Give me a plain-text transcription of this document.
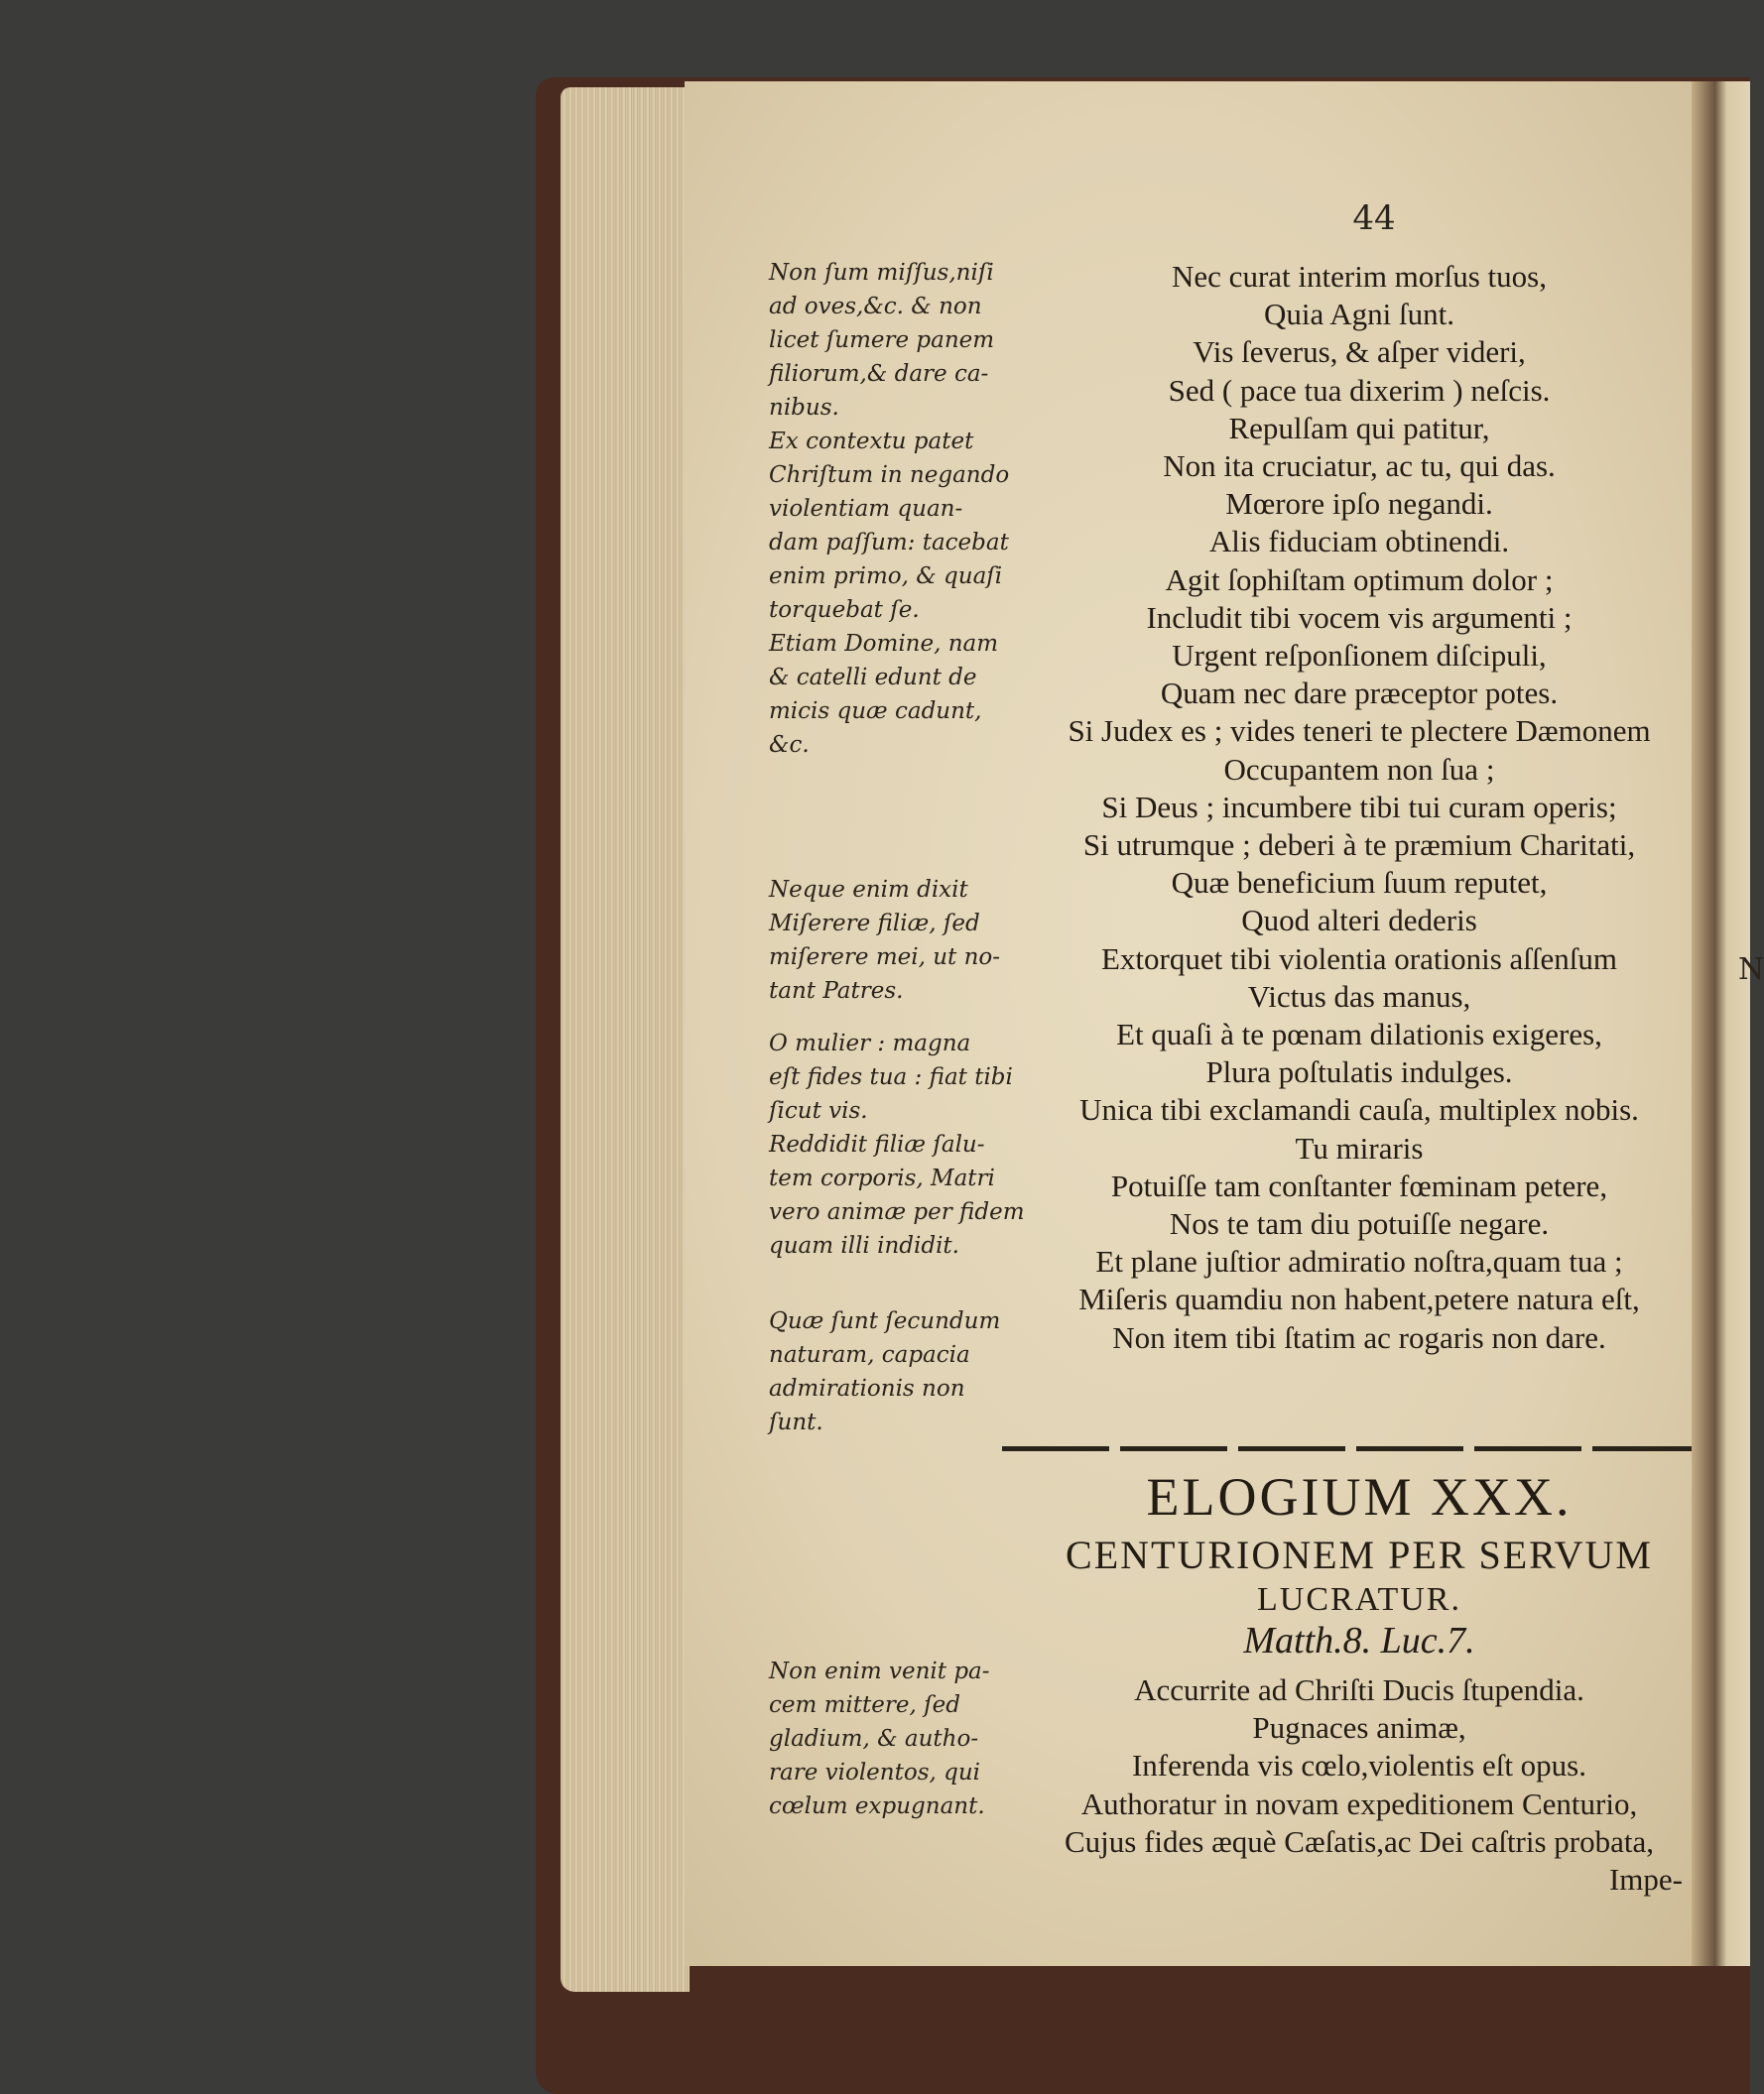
N
44
Non ſum miſſus,niſi
ad oves,&c. & non
licet ſumere panem
filiorum,& dare ca-
nibus.
Ex contextu patet
Chriſtum in negando
violentiam quan-
dam paſſum: tacebat
enim primo, & quaſi
torquebat ſe.
Etiam Domine, nam
& catelli edunt de
micis quæ cadunt,
&c.
Neque enim dixit
Miſerere filiæ, ſed
miſerere mei, ut no-
tant Patres.
O mulier : magna
eſt fides tua : fiat tibi
ſicut vis.
Reddidit filiæ ſalu-
tem corporis, Matri
vero animæ per fidem
quam illi indidit.
Quæ ſunt ſecundum
naturam, capacia
admirationis non
ſunt.
Non enim venit pa-
cem mittere, ſed
gladium, & autho-
rare violentos, qui
cœlum expugnant.
Nec curat interim morſus tuos,
Quia Agni ſunt.
Vis ſeverus, & aſper videri,
Sed ( pace tua dixerim ) neſcis.
Repulſam qui patitur,
Non ita cruciatur, ac tu, qui das.
Mœrore ipſo negandi.
Alis fiduciam obtinendi.
Agit ſophiſtam optimum dolor ;
Includit tibi vocem vis argumenti ;
Urgent reſponſionem diſcipuli,
Quam nec dare præceptor potes.
Si Judex es ; vides teneri te plectere Dæmonem
Occupantem non ſua ;
Si Deus ; incumbere tibi tui curam operis;
Si utrumque ; deberi à te præmium Charitati,
Quæ beneficium ſuum reputet,
Quod alteri dederis
Extorquet tibi violentia orationis aſſenſum
Victus das manus,
Et quaſi à te pœnam dilationis exigeres,
Plura poſtulatis indulges.
Unica tibi exclamandi cauſa, multiplex nobis.
Tu miraris
Potuiſſe tam conſtanter fœminam petere,
Nos te tam diu potuiſſe negare.
Et plane juſtior admiratio noſtra,quam tua ;
Miſeris quamdiu non habent,petere natura eſt,
Non item tibi ſtatim ac rogaris non dare.
ELOGIUM XXX.
CENTURIONEM PER SERVUM
LUCRATUR.
Matth.8. Luc.7.
Accurrite ad Chriſti Ducis ſtupendia.
Pugnaces animæ,
Inferenda vis cœlo,violentis eſt opus.
Authoratur in novam expeditionem Centurio,
Cujus fides æquè Cæſatis,ac Dei caſtris probata,
Impe-
